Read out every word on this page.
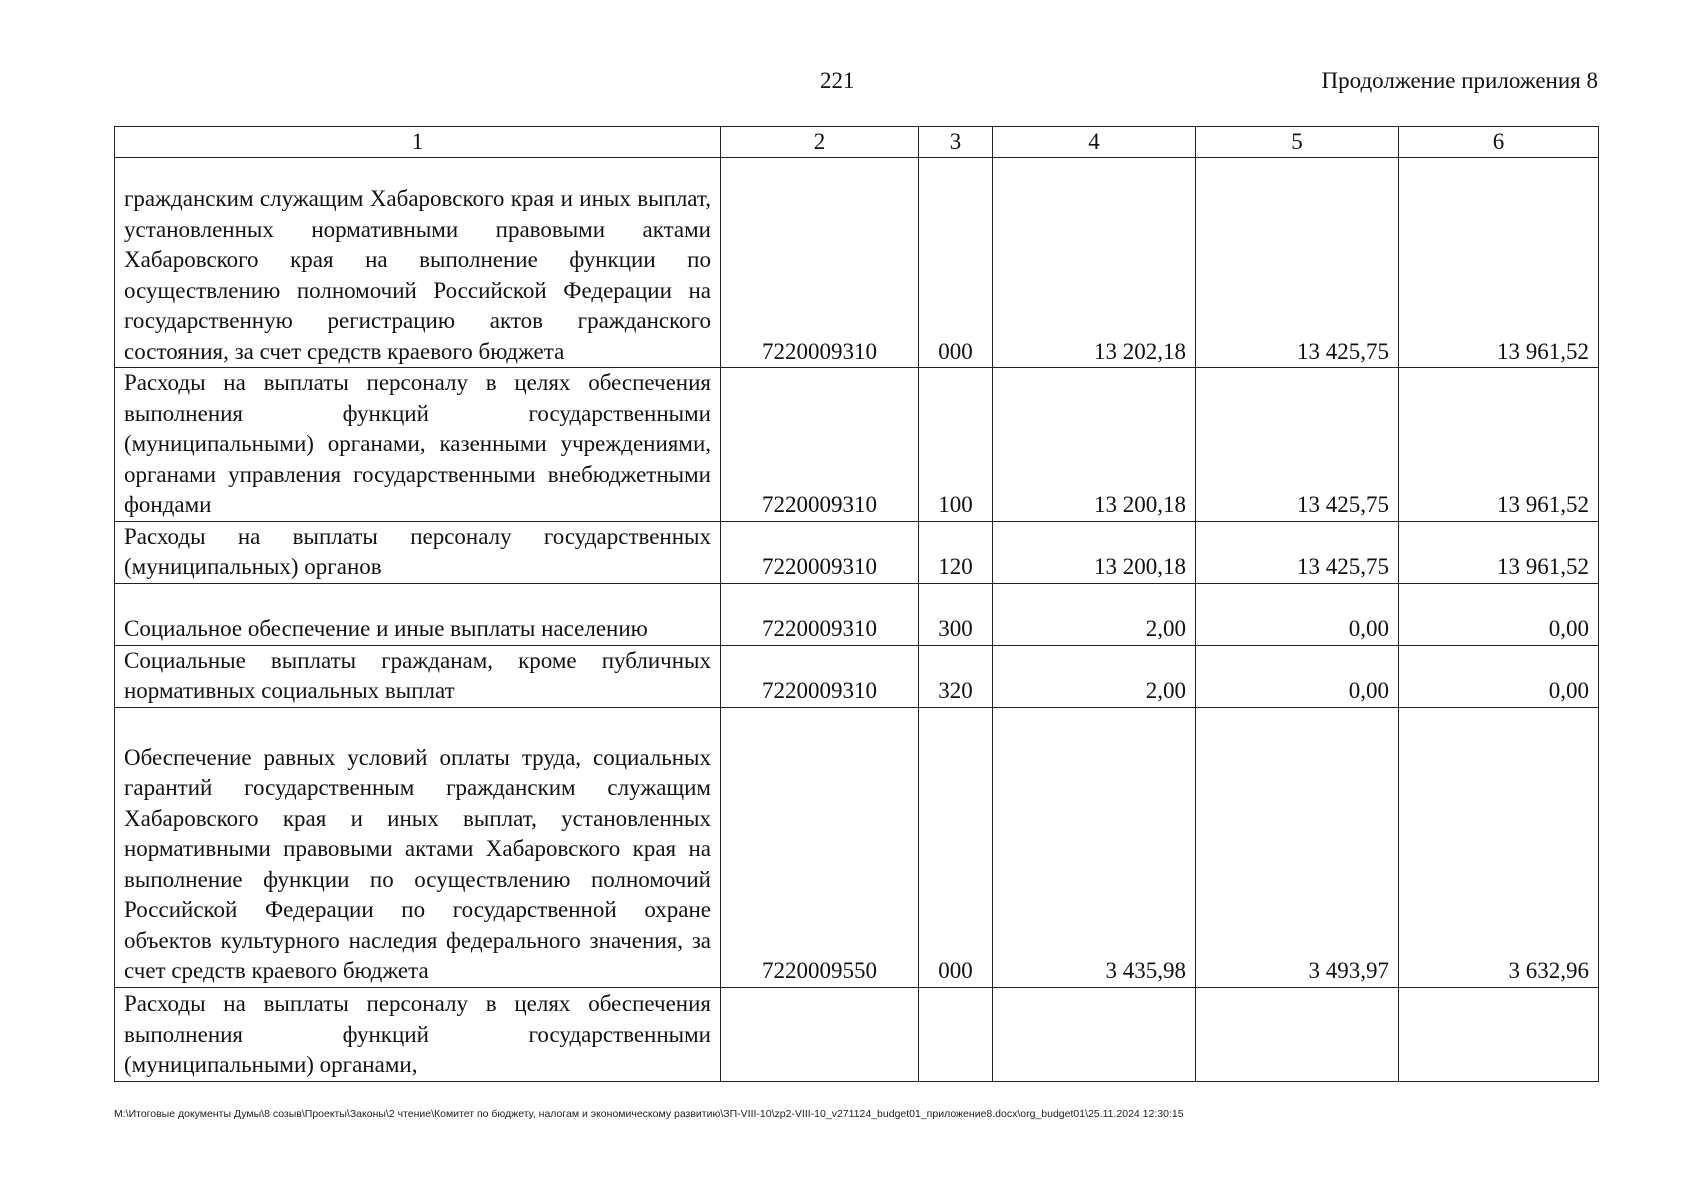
221	Продолжение приложения 8
1	2	3	4	5	6
гражданским служащим Хабаровского края и иных выплат, установленных нормативными правовыми актами Хабаровского края на выполнение функции по осуществлению полномочий Российской Федерации на государственную регистрацию актов гражданского состояния, за счет средств краевого бюджета	7220009310	000	13 202,18	13 425,75	13 961,52
Расходы на выплаты персоналу в целях обеспечения выполнения функций государственными (муниципальными) органами, казенными учреждениями, органами управления государственными внебюджетными фондами	7220009310	100	13 200,18	13 425,75	13 961,52
Расходы на выплаты персоналу государственных (муниципальных) органов	7220009310	120	13 200,18	13 425,75	13 961,52
Социальное обеспечение и иные выплаты населению	7220009310	300	2,00	0,00	0,00
Социальные выплаты гражданам, кроме публичных нормативных социальных выплат	7220009310	320	2,00	0,00	0,00
Обеспечение равных условий оплаты труда, социальных гарантий государственным гражданским служащим Хабаровского края и иных выплат, установленных нормативными правовыми актами Хабаровского края на выполнение функции по осуществлению полномочий Российской Федерации по государственной охране объектов культурного наследия федерального значения, за счет средств краевого бюджета	7220009550	000	3 435,98	3 493,97	3 632,96
Расходы на выплаты персоналу в целях обеспечения выполнения функций государственными (муниципальными) органами,					
М:\Итоговые документы Думы\8 созыв\Проекты\Законы\2 чтение\Комитет по бюджету, налогам и экономическому развитию\ЗП-VIII-10\zp2-VIII-10_v271124_budget01_приложение8.docx\org_budget01\25.11.2024 12:30:15
